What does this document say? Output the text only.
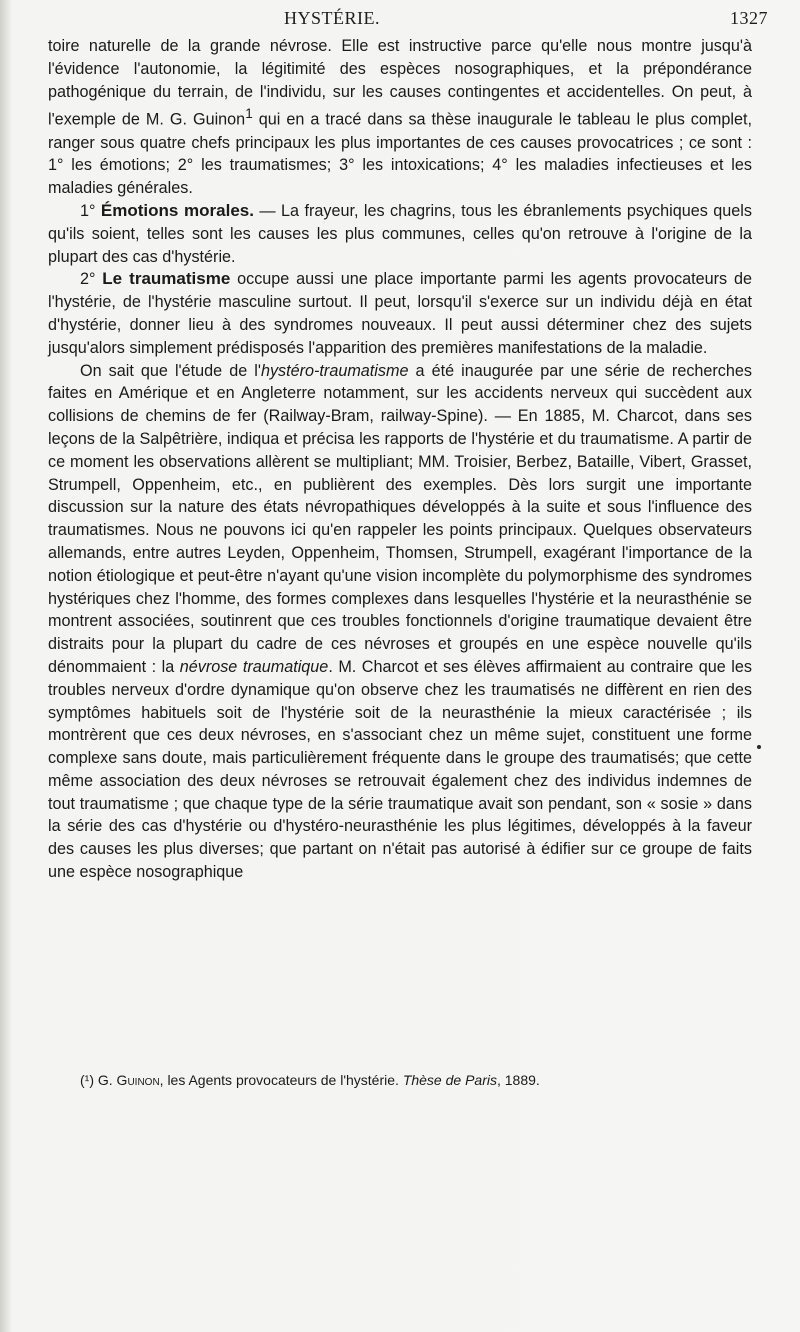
HYSTÉRIE.	1327

toire naturelle de la grande névrose. Elle est instructive parce qu'elle nous montre jusqu'à l'évidence l'autonomie, la légitimité des espèces nosographiques, et la prépondérance pathogénique du terrain, de l'individu, sur les causes contingentes et accidentelles. On peut, à l'exemple de M. G. Guinon$^1$ qui en a tracé dans sa thèse inaugurale le tableau le plus complet, ranger sous quatre chefs principaux les plus importantes de ces causes provocatrices ; ce sont : 1° les émotions; 2° les traumatismes; 3° les intoxications; 4° les maladies infectieuses et les maladies générales.

1° Émotions morales. — La frayeur, les chagrins, tous les ébranlements psychiques quels qu'ils soient, telles sont les causes les plus communes, celles qu'on retrouve à l'origine de la plupart des cas d'hystérie.

2° Le traumatisme occupe aussi une place importante parmi les agents provocateurs de l'hystérie, de l'hystérie masculine surtout. Il peut, lorsqu'il s'exerce sur un individu déjà en état d'hystérie, donner lieu à des syndromes nouveaux. Il peut aussi déterminer chez des sujets jusqu'alors simplement prédisposés l'apparition des premières manifestations de la maladie.

On sait que l'étude de l'hystéro-traumatisme a été inaugurée par une série de recherches faites en Amérique et en Angleterre notamment, sur les accidents nerveux qui succèdent aux collisions de chemins de fer (Railway-Bram, railway-Spine). — En 1885, M. Charcot, dans ses leçons de la Salpêtrière, indiqua et précisa les rapports de l'hystérie et du traumatisme. A partir de ce moment les observations allèrent se multipliant; MM. Troisier, Berbez, Bataille, Vibert, Grasset, Strumpell, Oppenheim, etc., en publièrent des exemples. Dès lors surgit une importante discussion sur la nature des états névropathiques développés à la suite et sous l'influence des traumatismes. Nous ne pouvons ici qu'en rappeler les points principaux. Quelques observateurs allemands, entre autres Leyden, Oppenheim, Thomsen, Strumpell, exagérant l'importance de la notion étiologique et peut-être n'ayant qu'une vision incomplète du polymorphisme des syndromes hystériques chez l'homme, des formes complexes dans lesquelles l'hystérie et la neurasthénie se montrent associées, soutinrent que ces troubles fonctionnels d'origine traumatique devaient être distraits pour la plupart du cadre de ces névroses et groupés en une espèce nouvelle qu'ils dénommaient : la névrose traumatique. M. Charcot et ses élèves affirmaient au contraire que les troubles nerveux d'ordre dynamique qu'on observe chez les traumatisés ne diffèrent en rien des symptômes habituels soit de l'hystérie soit de la neurasthénie la mieux caractérisée ; ils montrèrent que ces deux névroses, en s'associant chez un même sujet, constituent une forme complexe sans doute, mais particulièrement fréquente dans le groupe des traumatisés; que cette même association des deux névroses se retrouvait également chez des individus indemnes de tout traumatisme ; que chaque type de la série traumatique avait son pendant, son « sosie » dans la série des cas d'hystérie ou d'hystéro-neurasthénie les plus légitimes, développés à la faveur des causes les plus diverses; que partant on n'était pas autorisé à édifier sur ce groupe de faits une espèce nosographique

(¹) G. Guinon, les Agents provocateurs de l'hystérie. Thèse de Paris, 1889.
